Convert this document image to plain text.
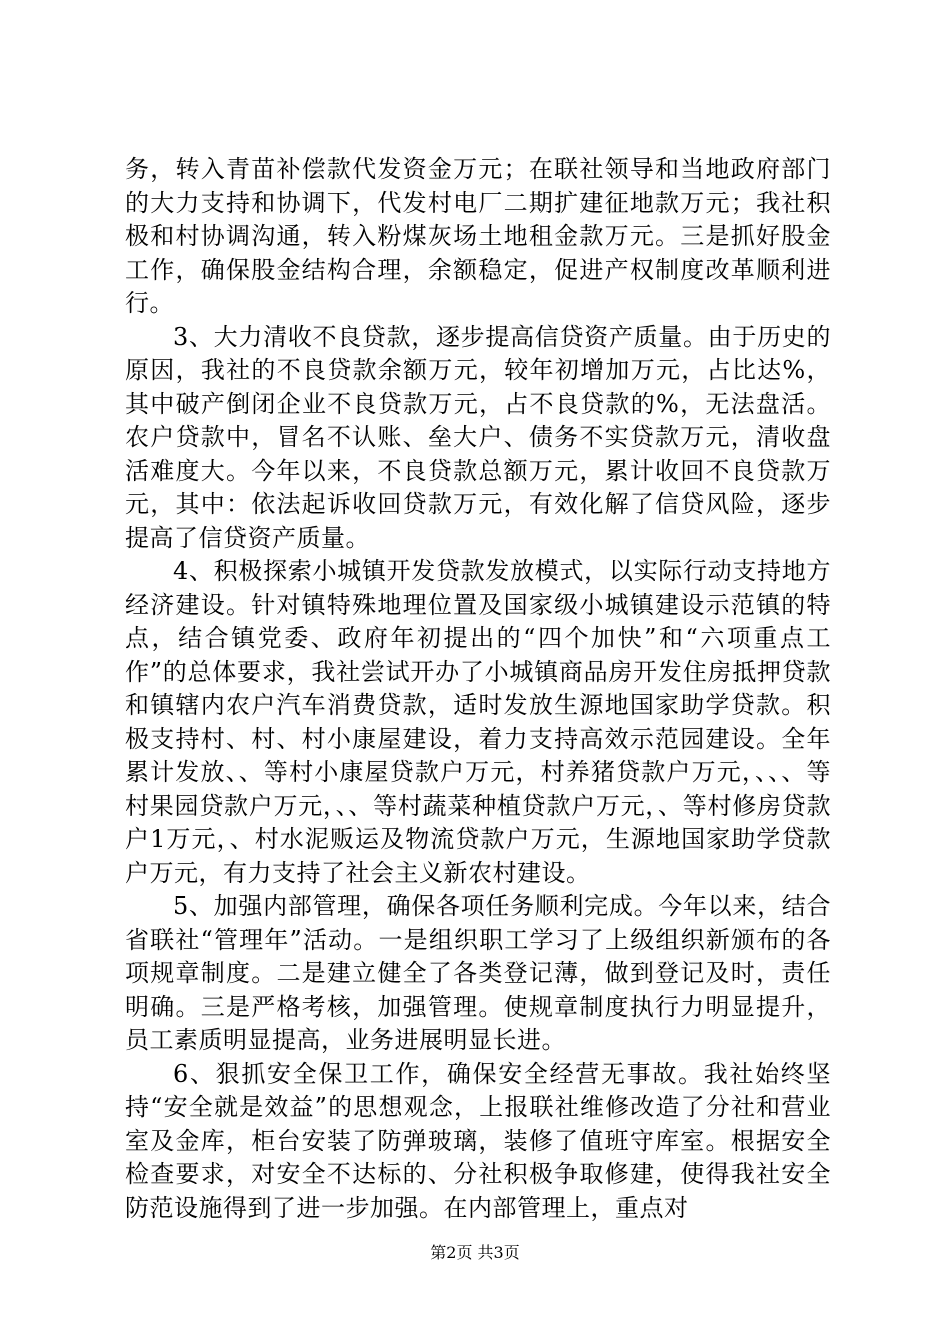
务，转入青苗补偿款代发资金万元；在联社领导和当地政府部门的大力支持和协调下，代发村电厂二期扩建征地款万元；我社积极和村协调沟通，转入粉煤灰场土地租金款万元。三是抓好股金工作，确保股金结构合理，余额稳定，促进产权制度改革顺利进行。

3、大力清收不良贷款，逐步提高信贷资产质量。由于历史的原因，我社的不良贷款余额万元，较年初增加万元，占比达%，其中破产倒闭企业不良贷款万元，占不良贷款的%，无法盘活。农户贷款中，冒名不认账、垒大户、债务不实贷款万元，清收盘活难度大。今年以来，不良贷款总额万元，累计收回不良贷款万元，其中：依法起诉收回贷款万元，有效化解了信贷风险，逐步提高了信贷资产质量。

4、积极探索小城镇开发贷款发放模式，以实际行动支持地方经济建设。针对镇特殊地理位置及国家级小城镇建设示范镇的特点，结合镇党委、政府年初提出的“四个加快”和“六项重点工作”的总体要求，我社尝试开办了小城镇商品房开发住房抵押贷款和镇辖内农户汽车消费贷款，适时发放生源地国家助学贷款。积极支持村、村、村小康屋建设，着力支持高效示范园建设。全年累计发放、、等村小康屋贷款户万元，村养猪贷款户万元，、、、等村果园贷款户万元，、、等村蔬菜种植贷款户万元，、等村修房贷款户1万元，、村水泥贩运及物流贷款户万元，生源地国家助学贷款户万元，有力支持了社会主义新农村建设。

5、加强内部管理，确保各项任务顺利完成。今年以来，结合省联社“管理年”活动。一是组织职工学习了上级组织新颁布的各项规章制度。二是建立健全了各类登记薄，做到登记及时，责任明确。三是严格考核，加强管理。使规章制度执行力明显提升，员工素质明显提高，业务进展明显长进。

6、狠抓安全保卫工作，确保安全经营无事故。我社始终坚持“安全就是效益”的思想观念，上报联社维修改造了分社和营业室及金库，柜台安装了防弹玻璃，装修了值班守库室。根据安全检查要求，对安全不达标的、分社积极争取修建，使得我社安全防范设施得到了进一步加强。在内部管理上，重点对

第2页 共3页
